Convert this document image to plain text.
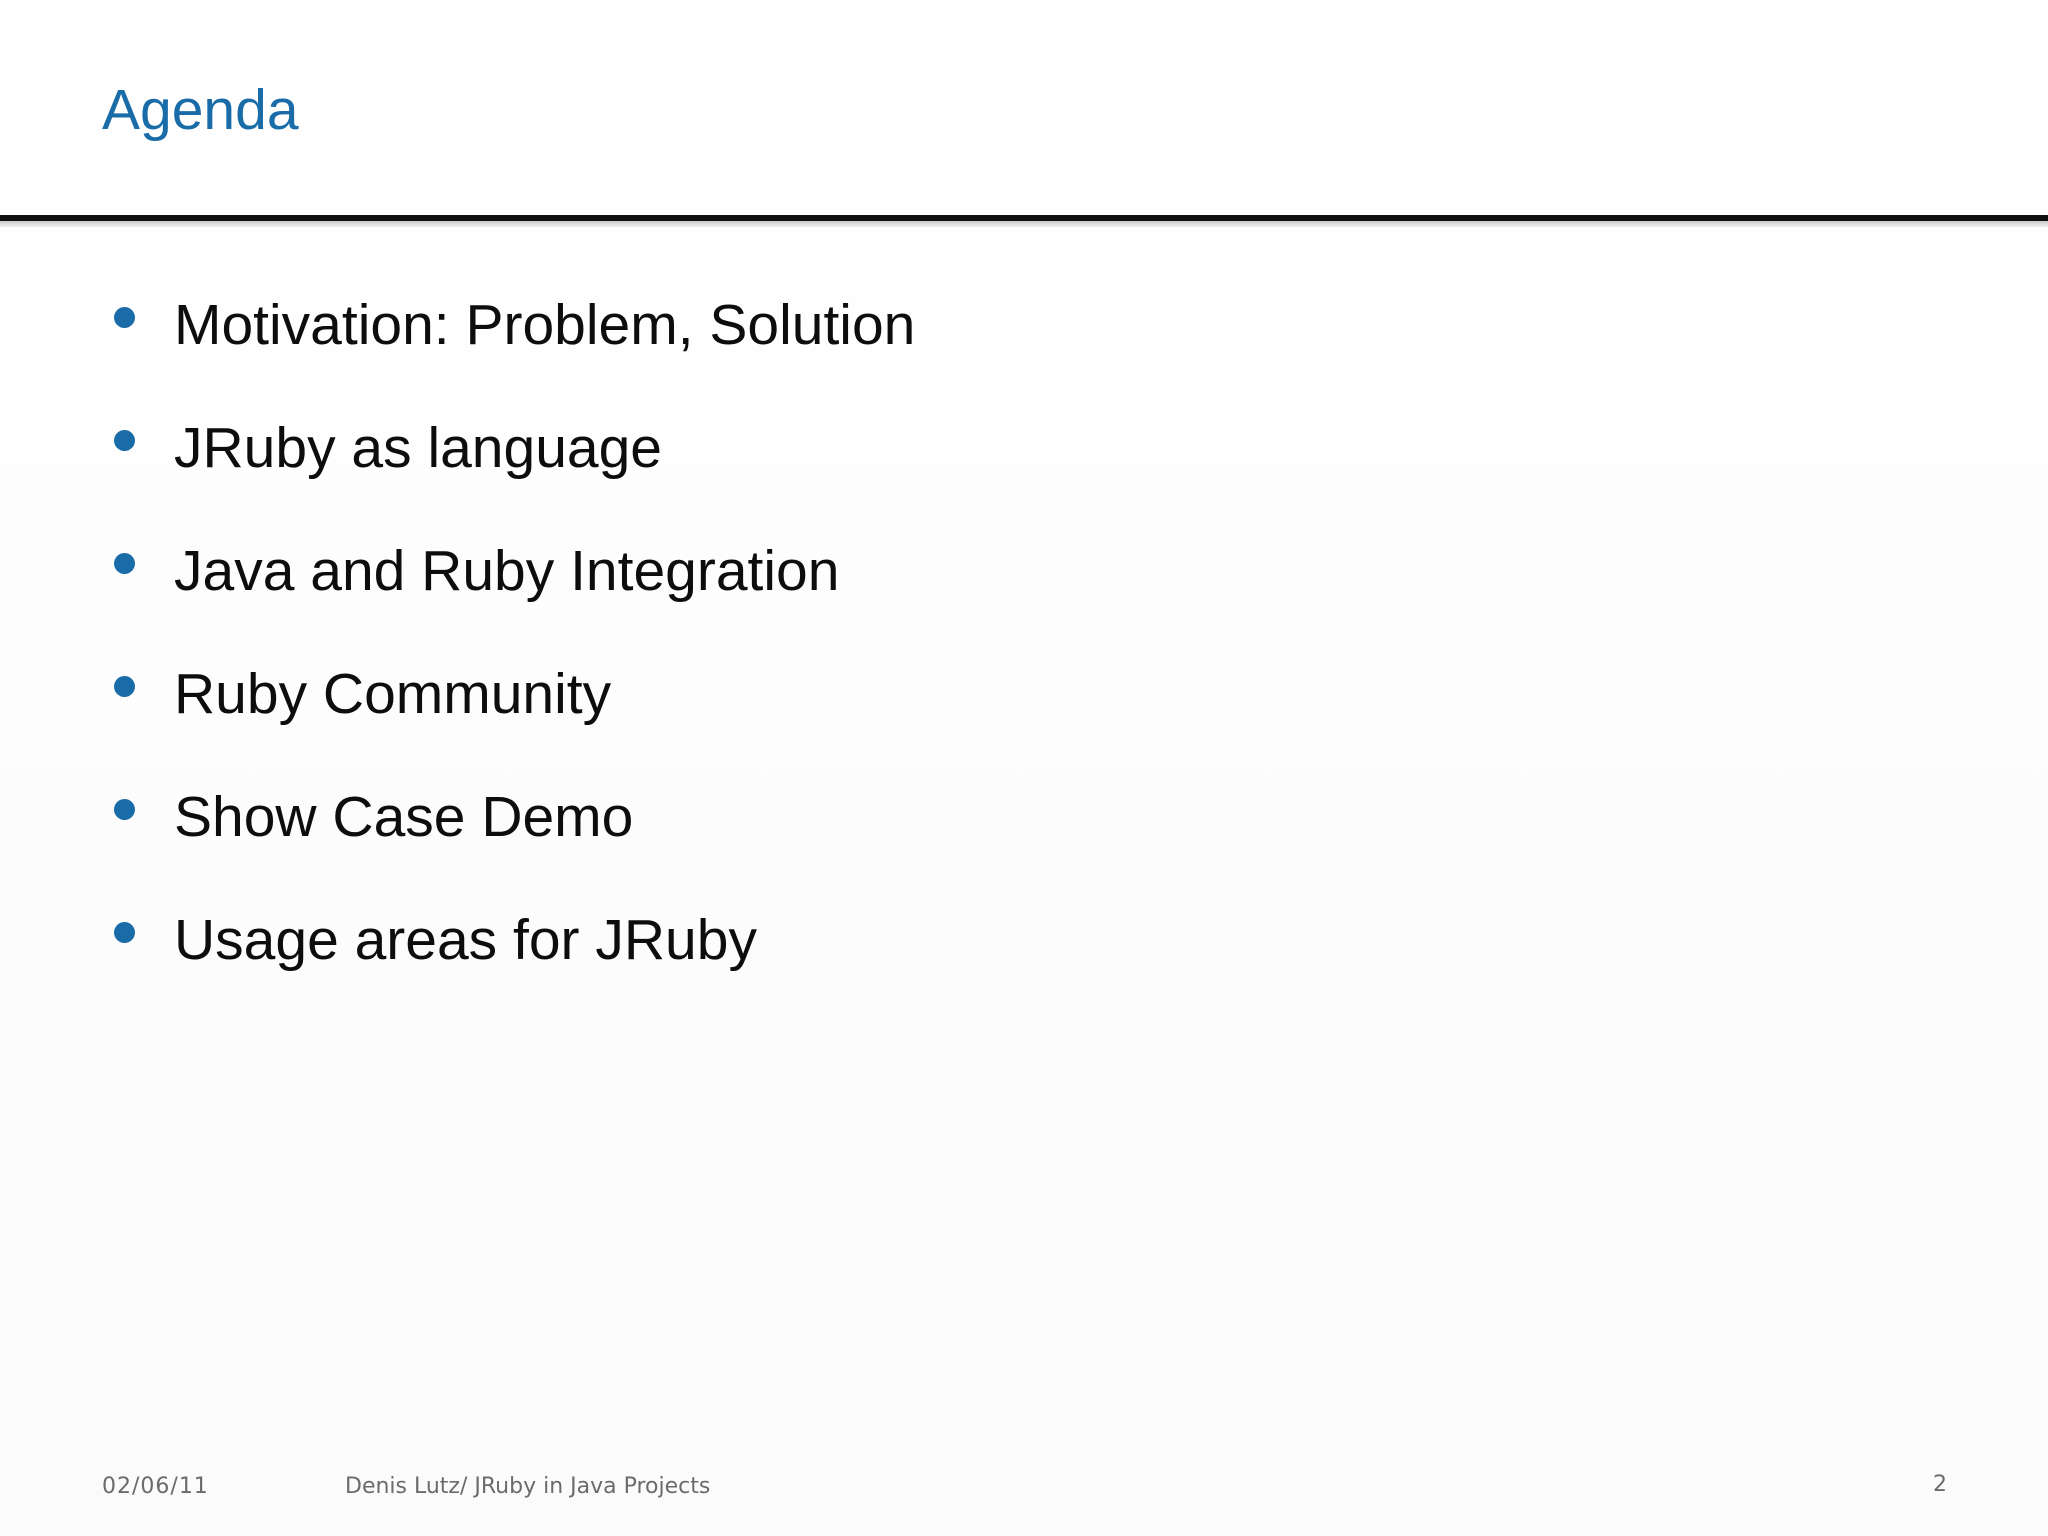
Agenda
Motivation: Problem, Solution
JRuby as language
Java and Ruby Integration
Ruby Community
Show Case Demo
Usage areas for JRuby
02/06/11	Denis Lutz/ JRuby in Java Projects	2
